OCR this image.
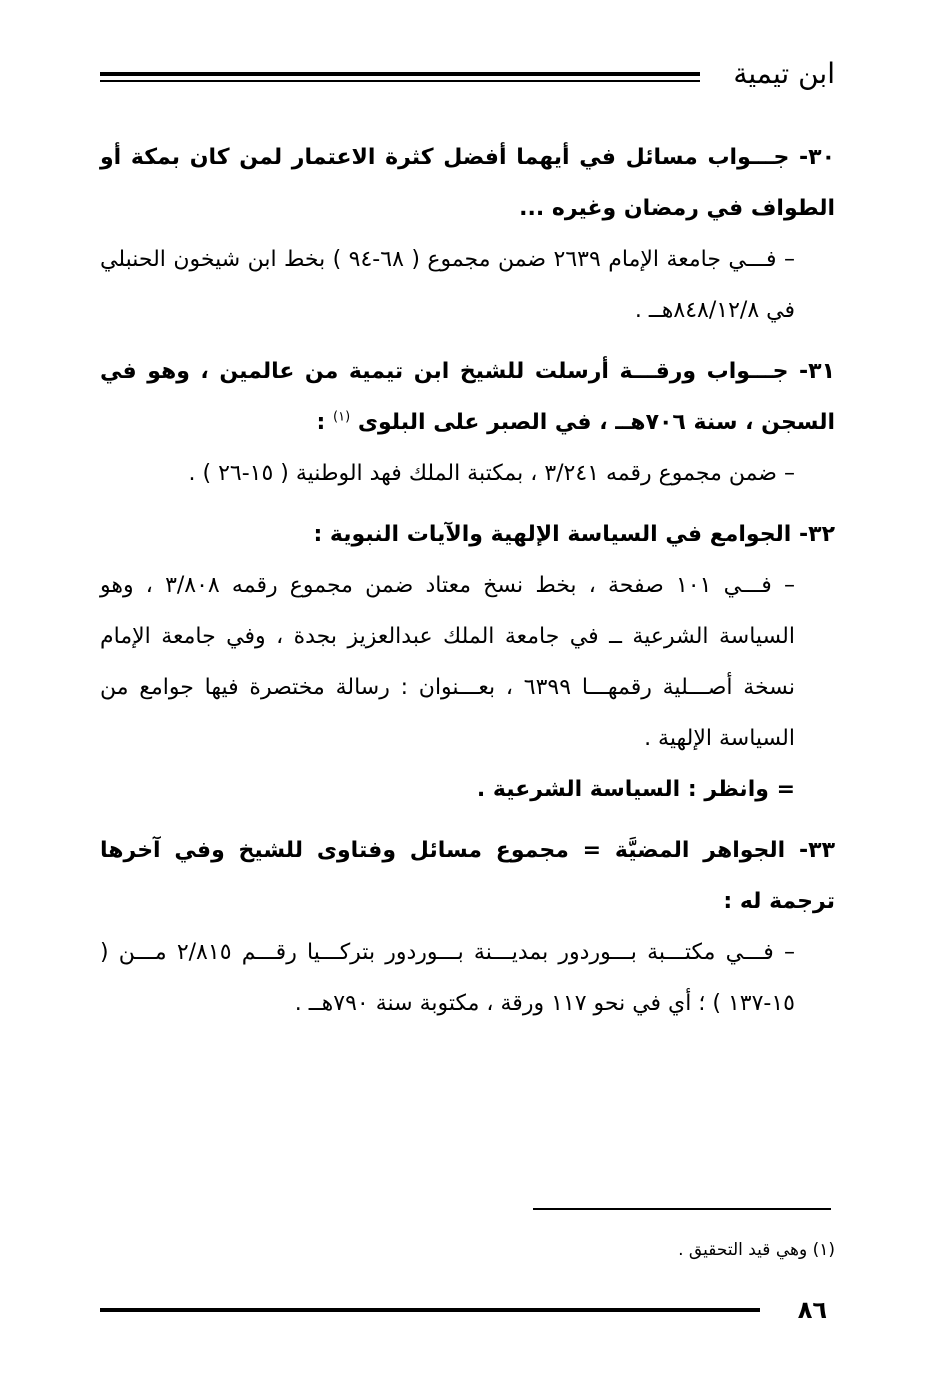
ابن تيمية
٣٠- جـــواب مسائل في أيهما أفضل كثرة الاعتمار لمن كان بمكة أو الطواف في رمضان وغيره ...
– فـــي جامعة الإمام ٢٦٣٩ ضمن مجموع ( ٦٨-٩٤ ) بخط ابن شيخون الحنبلي في ٨٤٨/١٢/٨هــ .
٣١- جـــواب ورقـــة أرسلت للشيخ ابن تيمية من عالمين ، وهو في السجن ، سنة ٧٠٦هــ ، في الصبر على البلوى $^{(١)}$ :
– ضمن مجموع رقمه ٣/٢٤١ ، بمكتبة الملك فهد الوطنية ( ١٥-٢٦ ) .
٣٢- الجوامع في السياسة الإلهية والآيات النبوية :
– فـــي ١٠١ صفحة ، بخط نسخ معتاد ضمن مجموع رقمه ٣/٨٠٨ ، وهو السياسة الشرعية ــ في جامعة الملك عبدالعزيز بجدة ، وفي جامعة الإمام نسخة أصـــلية رقمهـــا ٦٣٩٩ ، بعـــنوان : رسالة مختصرة فيها جوامع من السياسة الإلهية .
= وانظر : السياسة الشرعية .
٣٣- الجواهر المضيَّة = مجموع مسائل وفتاوى للشيخ وفي آخرها ترجمة له :
– فـــي مكتـــبة بـــوردور بمديـــنة بـــوردور بتركـــيا رقـــم ٢/٨١٥ مـــن ( ١٥-١٣٧ ) ؛ أي في نحو ١١٧ ورقة ، مكتوبة سنة ٧٩٠هــ .
(١) وهي قيد التحقيق .
٨٦
